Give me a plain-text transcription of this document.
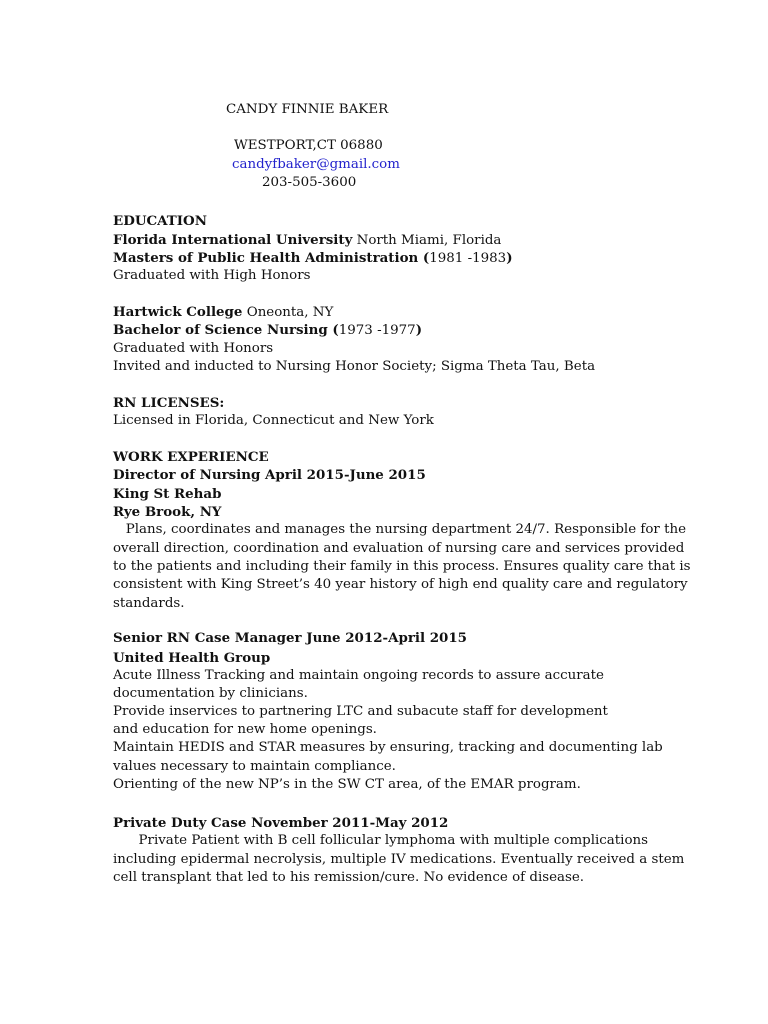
CANDY FINNIE BAKER
WESTPORT,CT 06880
candyfbaker@gmail.com
203-505-3600
EDUCATION
Florida International University North Miami, Florida
Masters of Public Health Administration (1981 -1983)
Graduated with High Honors
Hartwick College Oneonta, NY
Bachelor of Science Nursing (1973 -1977)
Graduated with Honors
Invited and inducted to Nursing Honor Society; Sigma Theta Tau, Beta
RN LICENSES:
Licensed in Florida, Connecticut and New York
WORK EXPERIENCE
Director of Nursing April 2015-June 2015
King St Rehab
Rye Brook, NY
Plans, coordinates and manages the nursing department 24/7. Responsible for the
overall direction, coordination and evaluation of nursing care and services provided
to the patients and including their family in this process. Ensures quality care that is
consistent with King Street’s 40 year history of high end quality care and regulatory
standards.
Senior RN Case Manager June 2012-April 2015
United Health Group
Acute Illness Tracking and maintain ongoing records to assure accurate
documentation by clinicians.
Provide inservices to partnering LTC and subacute staff for development
and education for new home openings.
Maintain HEDIS and STAR measures by ensuring, tracking and documenting lab
values necessary to maintain compliance.
Orienting of the new NP’s in the SW CT area, of the EMAR program.
Private Duty Case November 2011-May 2012
Private Patient with B cell follicular lymphoma with multiple complications
including epidermal necrolysis, multiple IV medications. Eventually received a stem
cell transplant that led to his remission/cure. No evidence of disease.
